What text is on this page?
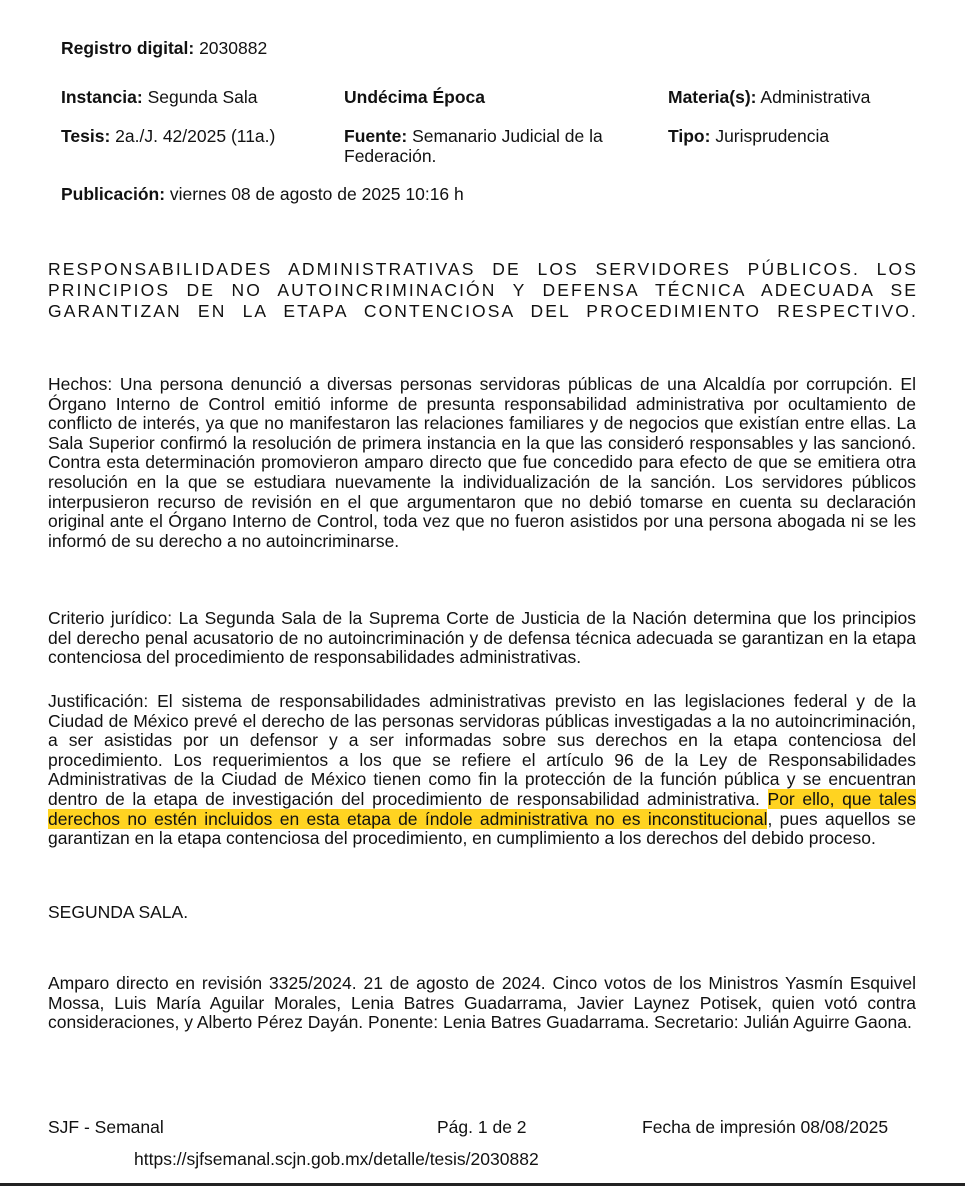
Registro digital: 2030882
Instancia: Segunda Sala	Undécima Época	Materia(s): Administrativa
Tesis: 2a./J. 42/2025 (11a.)	Fuente: Semanario Judicial de la
Federación.
Tipo: Jurisprudencia
Publicación: viernes 08 de agosto de 2025 10:16 h
RESPONSABILIDADES ADMINISTRATIVAS DE LOS SERVIDORES PÚBLICOS. LOS PRINCIPIOS DE NO AUTOINCRIMINACIÓN Y DEFENSA TÉCNICA ADECUADA SE GARANTIZAN EN LA ETAPA CONTENCIOSA DEL PROCEDIMIENTO RESPECTIVO.
Hechos: Una persona denunció a diversas personas servidoras públicas de una Alcaldía por corrupción. El Órgano Interno de Control emitió informe de presunta responsabilidad administrativa por ocultamiento de conflicto de interés, ya que no manifestaron las relaciones familiares y de negocios que existían entre ellas. La Sala Superior confirmó la resolución de primera instancia en la que las consideró responsables y las sancionó. Contra esta determinación promovieron amparo directo que fue concedido para efecto de que se emitiera otra resolución en la que se estudiara nuevamente la individualización de la sanción. Los servidores públicos interpusieron recurso de revisión en el que argumentaron que no debió tomarse en cuenta su declaración original ante el Órgano Interno de Control, toda vez que no fueron asistidos por una persona abogada ni se les informó de su derecho a no autoincriminarse.
Criterio jurídico: La Segunda Sala de la Suprema Corte de Justicia de la Nación determina que los principios del derecho penal acusatorio de no autoincriminación y de defensa técnica adecuada se garantizan en la etapa contenciosa del procedimiento de responsabilidades administrativas.
Justificación: El sistema de responsabilidades administrativas previsto en las legislaciones federal y de la Ciudad de México prevé el derecho de las personas servidoras públicas investigadas a la no autoincriminación, a ser asistidas por un defensor y a ser informadas sobre sus derechos en la etapa contenciosa del procedimiento. Los requerimientos a los que se refiere el artículo 96 de la Ley de Responsabilidades Administrativas de la Ciudad de México tienen como fin la protección de la función pública y se encuentran dentro de la etapa de investigación del procedimiento de responsabilidad administrativa. Por ello, que tales derechos no estén incluidos en esta etapa de índole administrativa no es inconstitucional, pues aquellos se garantizan en la etapa contenciosa del procedimiento, en cumplimiento a los derechos del debido proceso.
SEGUNDA SALA.
Amparo directo en revisión 3325/2024. 21 de agosto de 2024. Cinco votos de los Ministros Yasmín Esquivel Mossa, Luis María Aguilar Morales, Lenia Batres Guadarrama, Javier Laynez Potisek, quien votó contra consideraciones, y Alberto Pérez Dayán. Ponente: Lenia Batres Guadarrama. Secretario: Julián Aguirre Gaona.
SJF - Semanal	Pág. 1 de 2	Fecha de impresión 08/08/2025
https://sjfsemanal.scjn.gob.mx/detalle/tesis/2030882
